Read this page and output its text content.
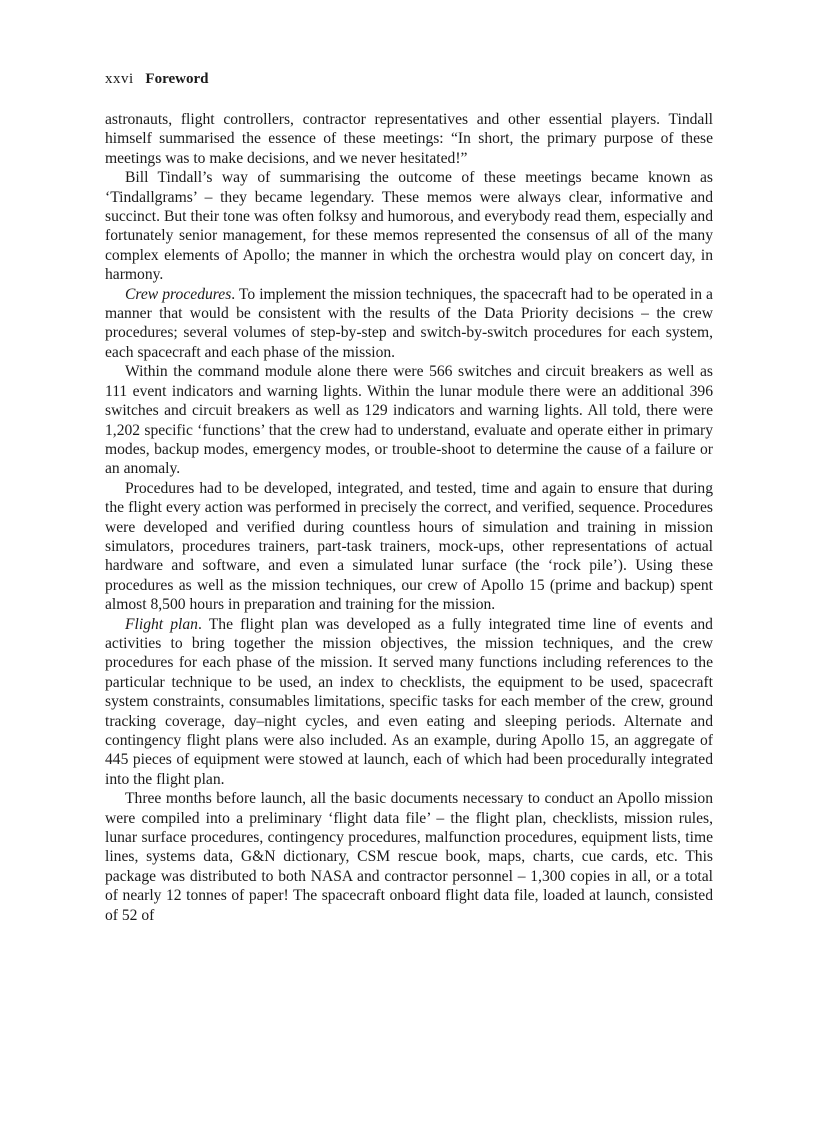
xxvi Foreword

astronauts, flight controllers, contractor representatives and other essential players. Tindall himself summarised the essence of these meetings: “In short, the primary purpose of these meetings was to make decisions, and we never hesitated!”

Bill Tindall’s way of summarising the outcome of these meetings became known as ‘Tindallgrams’ – they became legendary. These memos were always clear, informative and succinct. But their tone was often folksy and humorous, and everybody read them, especially and fortunately senior management, for these memos represented the consensus of all of the many complex elements of Apollo; the manner in which the orchestra would play on concert day, in harmony.

Crew procedures. To implement the mission techniques, the spacecraft had to be operated in a manner that would be consistent with the results of the Data Priority decisions – the crew procedures; several volumes of step-by-step and switch-by-switch procedures for each system, each spacecraft and each phase of the mission.

Within the command module alone there were 566 switches and circuit breakers as well as 111 event indicators and warning lights. Within the lunar module there were an additional 396 switches and circuit breakers as well as 129 indicators and warning lights. All told, there were 1,202 specific ‘functions’ that the crew had to understand, evaluate and operate either in primary modes, backup modes, emergency modes, or trouble-shoot to determine the cause of a failure or an anomaly.

Procedures had to be developed, integrated, and tested, time and again to ensure that during the flight every action was performed in precisely the correct, and verified, sequence. Procedures were developed and verified during countless hours of simulation and training in mission simulators, procedures trainers, part-task trainers, mock-ups, other representations of actual hardware and software, and even a simulated lunar surface (the ‘rock pile’). Using these procedures as well as the mission techniques, our crew of Apollo 15 (prime and backup) spent almost 8,500 hours in preparation and training for the mission.

Flight plan. The flight plan was developed as a fully integrated time line of events and activities to bring together the mission objectives, the mission techniques, and the crew procedures for each phase of the mission. It served many functions including references to the particular technique to be used, an index to checklists, the equipment to be used, spacecraft system constraints, consumables limitations, specific tasks for each member of the crew, ground tracking coverage, day–night cycles, and even eating and sleeping periods. Alternate and contingency flight plans were also included. As an example, during Apollo 15, an aggregate of 445 pieces of equipment were stowed at launch, each of which had been procedurally integrated into the flight plan.

Three months before launch, all the basic documents necessary to conduct an Apollo mission were compiled into a preliminary ‘flight data file’ – the flight plan, checklists, mission rules, lunar surface procedures, contingency procedures, malfunction procedures, equipment lists, time lines, systems data, G&N dictionary, CSM rescue book, maps, charts, cue cards, etc. This package was distributed to both NASA and contractor personnel – 1,300 copies in all, or a total of nearly 12 tonnes of paper! The spacecraft onboard flight data file, loaded at launch, consisted of 52 of
